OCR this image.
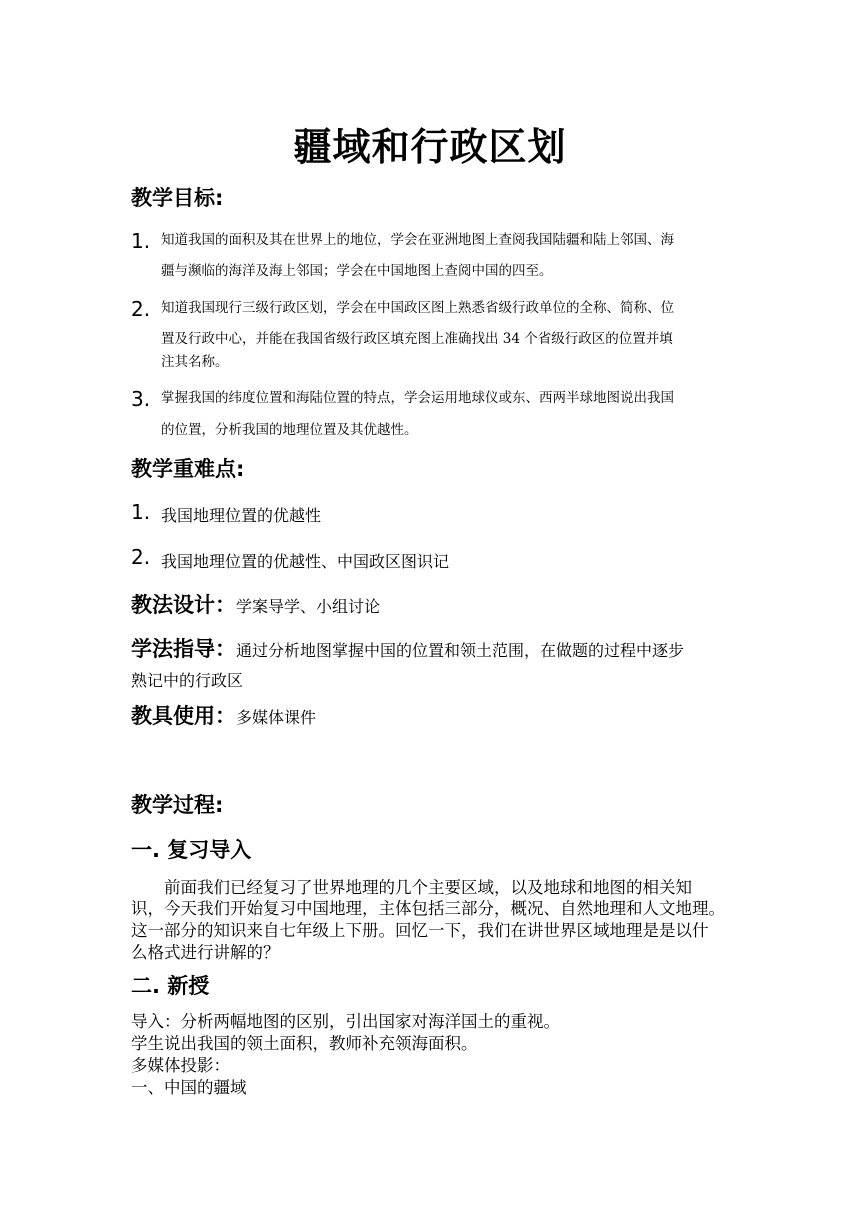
疆域和行政区划
教学目标:
1. 知道我国的面积及其在世界上的地位，学会在亚洲地图上查阅我国陆疆和陆上邻国、海
疆与濒临的海洋及海上邻国；学会在中国地图上查阅中国的四至。
2. 知道我国现行三级行政区划，学会在中国政区图上熟悉省级行政单位的全称、简称、位
置及行政中心，并能在我国省级行政区填充图上准确找出 34 个省级行政区的位置并填
注其名称。
3. 掌握我国的纬度位置和海陆位置的特点，学会运用地球仪或东、西两半球地图说出我国
的位置，分析我国的地理位置及其优越性。
教学重难点:
1. 我国地理位置的优越性
2. 我国地理位置的优越性、中国政区图识记
教法设计：学案导学、小组讨论
学法指导：通过分析地图掌握中国的位置和领土范围，在做题的过程中逐步
熟记中的行政区
教具使用：多媒体课件
教学过程:
一. 复习导入
前面我们已经复习了世界地理的几个主要区域，以及地球和地图的相关知
识，今天我们开始复习中国地理，主体包括三部分，概况、自然地理和人文地理。
这一部分的知识来自七年级上下册。回忆一下，我们在讲世界区域地理是是以什
么格式进行讲解的？
二. 新授
导入：分析两幅地图的区别，引出国家对海洋国土的重视。
学生说出我国的领土面积，教师补充领海面积。
多媒体投影：
一、中国的疆域
